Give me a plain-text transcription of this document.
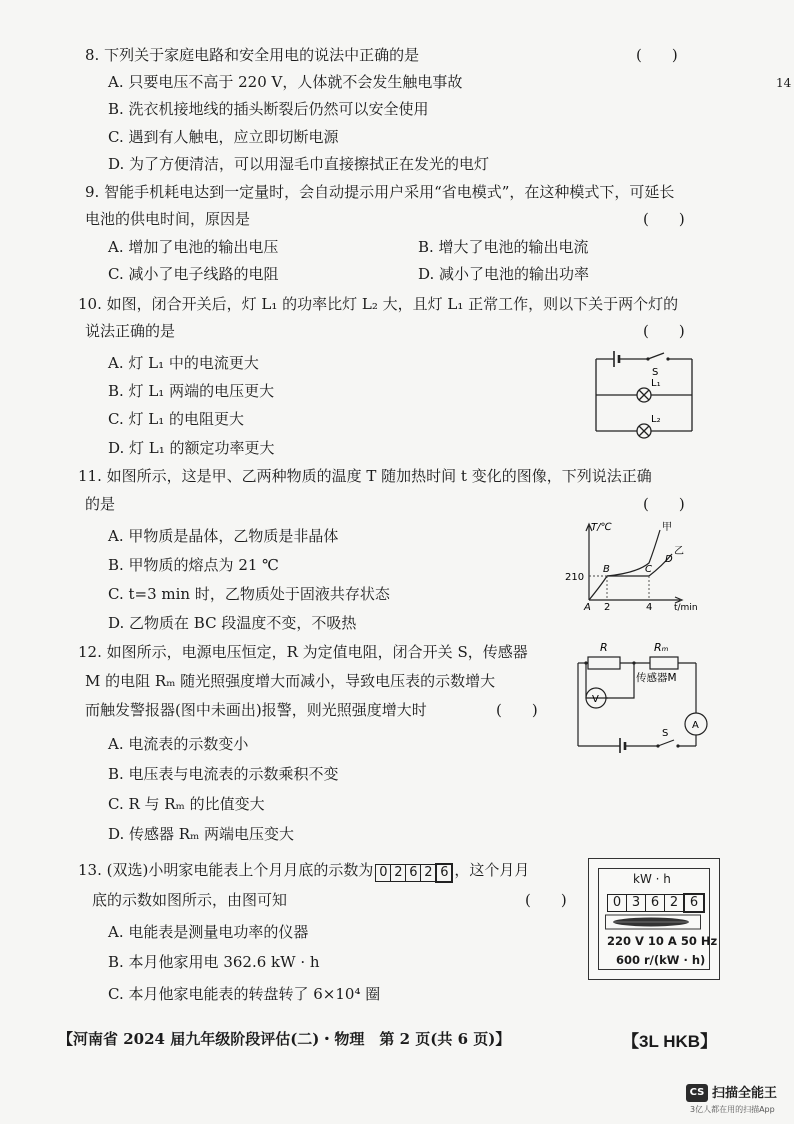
14
8. 下列关于家庭电路和安全用电的说法中正确的是	(　　)
A. 只要电压不高于 220 V，人体就不会发生触电事故
B. 洗衣机接地线的插头断裂后仍然可以安全使用
C. 遇到有人触电，应立即切断电源
D. 为了方便清洁，可以用湿毛巾直接擦拭正在发光的电灯
9. 智能手机耗电达到一定量时，会自动提示用户采用“省电模式”，在这种模式下，可延长
电池的供电时间，原因是	(　　)
A. 增加了电池的输出电压	B. 增大了电池的输出电流
C. 减小了电子线路的电阻	D. 减小了电池的输出功率
10. 如图，闭合开关后，灯 L₁ 的功率比灯 L₂ 大，且灯 L₁ 正常工作，则以下关于两个灯的
说法正确的是	(　　)
A. 灯 L₁ 中的电流更大
B. 灯 L₁ 两端的电压更大
C. 灯 L₁ 的电阻更大
D. 灯 L₁ 的额定功率更大
S
L₁
L₂
11. 如图所示，这是甲、乙两种物质的温度 T 随加热时间 t 变化的图像，下列说法正确
的是	(　　)
A. 甲物质是晶体，乙物质是非晶体
B. 甲物质的熔点为 21 ℃
C. t=3 min 时，乙物质处于固液共存状态
D. 乙物质在 BC 段温度不变，不吸热
T/℃
t/min
210
A 2	4
B	C
D
甲
乙
12. 如图所示，电源电压恒定，R 为定值电阻，闭合开关 S，传感器
M 的电阻 Rₘ 随光照强度增大而减小，导致电压表的示数增大
而触发警报器(图中未画出)报警，则光照强度增大时	(　　)
A. 电流表的示数变小
B. 电压表与电流表的示数乘积不变
C. R 与 Rₘ 的比值变大
D. 传感器 Rₘ 两端电压变大
R	Rₘ
传感器M
V
A
S
13. (双选)小明家电能表上个月月底的示数为 0 2 6 2 6 ，这个月月
底的示数如图所示，由图可知	(　　)
A. 电能表是测量电功率的仪器
B. 本月他家用电 362.6 kW · h
C. 本月他家电能表的转盘转了 6×10⁴ 圈
kW · h
0 3 6 2 6
220 V 10 A 50 Hz
600 r/(kW · h)
【河南省 2024 届九年级阶段评估(二)・物理　第 2 页(共 6 页)】	【3L HKB】
CS 扫描全能王
3亿人都在用的扫描App
